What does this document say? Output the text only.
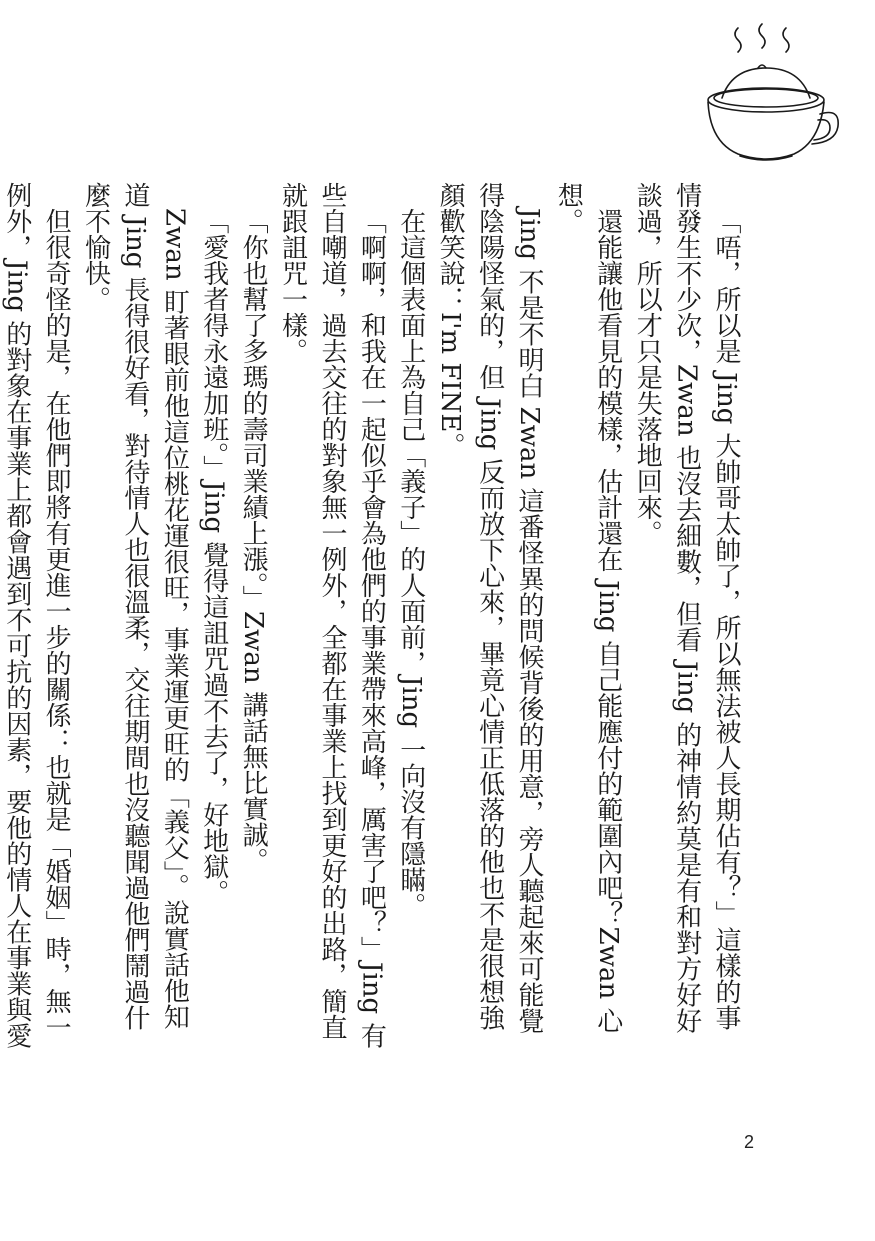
「唔，所以是 Jing 大帥哥太帥了，所以無法被人長期佔有？」這樣的事情發生不少次，Zwan 也沒去細數，但看 Jing 的神情約莫是有和對方好好談過，所以才只是失落地回來。

還能讓他看見的模樣，估計還在 Jing 自己能應付的範圍內吧？Zwan 心想。

Jing 不是不明白 Zwan 這番怪異的問候背後的用意，旁人聽起來可能覺得陰陽怪氣的，但 Jing 反而放下心來，畢竟心情正低落的他也不是很想強顏歡笑說：I'm FINE。

在這個表面上為自己「義子」的人面前，Jing 一向沒有隱瞞。

「啊啊，和我在一起似乎會為他們的事業帶來高峰，厲害了吧？」Jing 有些自嘲道，過去交往的對象無一例外，全都在事業上找到更好的出路，簡直就跟詛咒一樣。

「你也幫了多瑪的壽司業績上漲。」Zwan 講話無比實誠。

「愛我者得永遠加班。」Jing 覺得這詛咒過不去了，好地獄。

Zwan 盯著眼前他這位桃花運很旺，事業運更旺的「義父」。說實話他知道 Jing 長得很好看，對待情人也很溫柔，交往期間也沒聽聞過他們鬧過什麼不愉快。

但很奇怪的是，在他們即將有更進一步的關係：也就是「婚姻」時，無一例外，Jing 的對象在事業上都會遇到不可抗的因素，要他的情人在事業與愛

2
